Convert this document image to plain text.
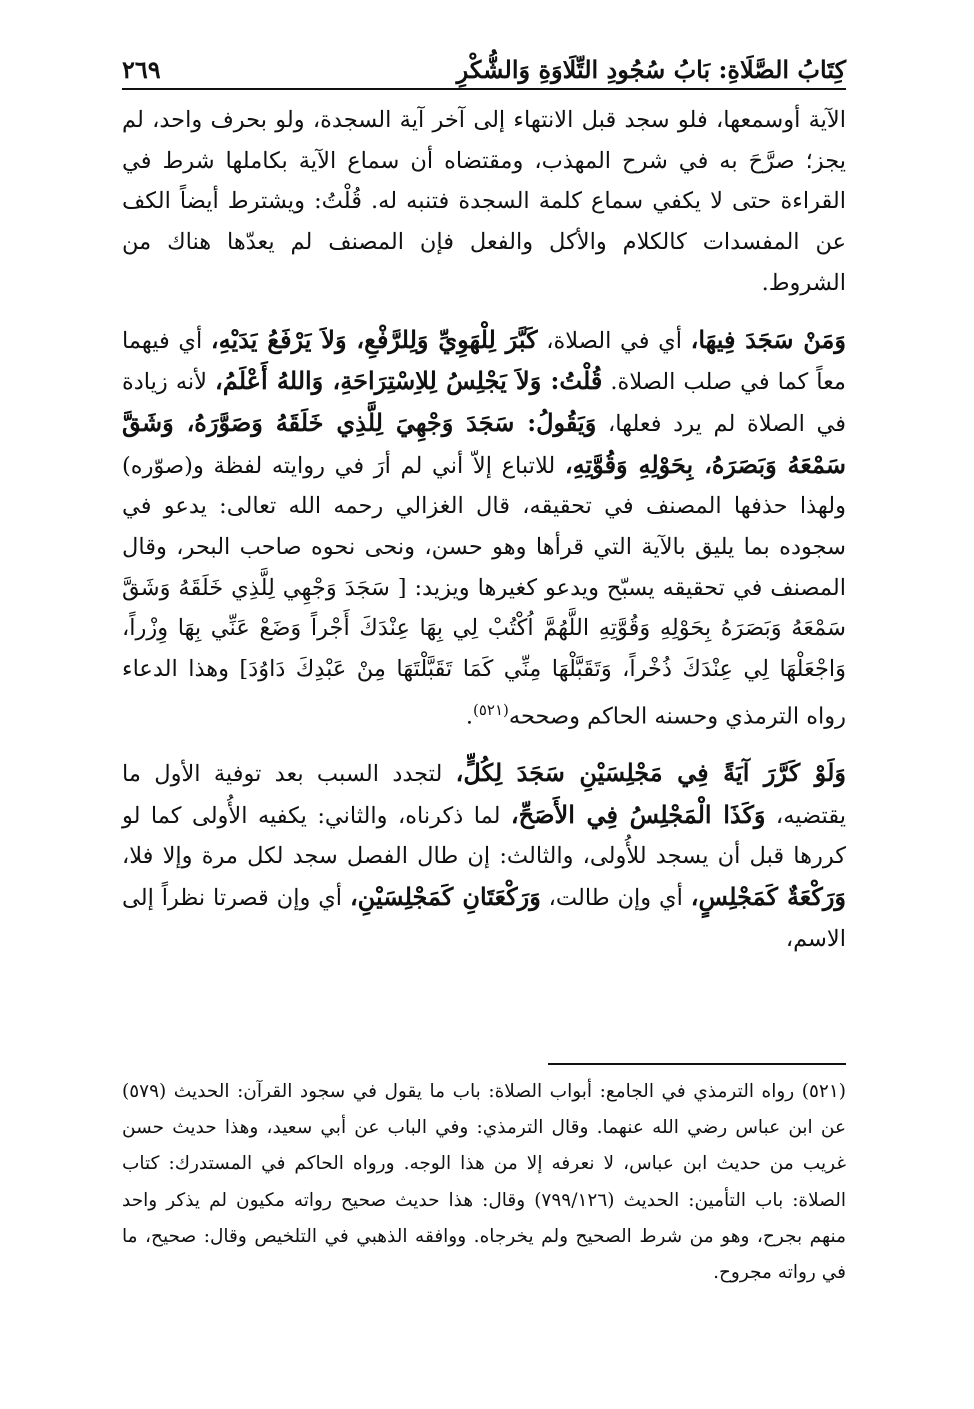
كِتَابُ الصَّلَاةِ: بَابُ سُجُودِ التِّلَاوَةِ وَالشُّكْرِ
٢٦٩

الآية أوسمعها، فلو سجد قبل الانتهاء إلى آخر آية السجدة، ولو بحرف واحد، لم يجز؛ صرَّحَ به في شرح المهذب، ومقتضاه أن سماع الآية بكاملها شرط في القراءة حتى لا يكفي سماع كلمة السجدة فتنبه له. قُلْتُ: ويشترط أيضاً الكف عن المفسدات كالكلام والأكل والفعل فإن المصنف لم يعدّها هناك من الشروط.

وَمَنْ سَجَدَ فِيهَا، أي في الصلاة، كَبَّرَ لِلْهَوِيِّ وَلِلرَّفْعِ، وَلاَ يَرْفَعُ يَدَيْهِ، أي فيهما معاً كما في صلب الصلاة. قُلْتُ: وَلاَ يَجْلِسُ لِلاِسْتِرَاحَةِ، وَاللهُ أَعْلَمُ، لأنه زيادة في الصلاة لم يرد فعلها، وَيَقُولُ: سَجَدَ وَجْهِيَ لِلَّذِي خَلَقَهُ وَصَوَّرَهُ، وَشَقَّ سَمْعَهُ وَبَصَرَهُ، بِحَوْلِهِ وَقُوَّتِهِ، للاتباع إلاّ أني لم أرَ في روايته لفظة و(صوّره) ولهذا حذفها المصنف في تحقيقه، قال الغزالي رحمه الله تعالى: يدعو في سجوده بما يليق بالآية التي قرأها وهو حسن، ونحى نحوه صاحب البحر، وقال المصنف في تحقيقه يسبّح ويدعو كغيرها ويزيد: [ سَجَدَ وَجْهِي لِلَّذِي خَلَقَهُ وَشَقَّ سَمْعَهُ وَبَصَرَهُ بِحَوْلِهِ وَقُوَّتِهِ اللَّهُمَّ اُكْتُبْ لِي بِهَا عِنْدَكَ أَجْراً وَضَعْ عَنِّي بِهَا وِزْراً، وَاجْعَلْهَا لِي عِنْدَكَ ذُخْراً، وَتَقَبَّلْهَا مِنِّي كَمَا تَقَبَّلْتَهَا مِنْ عَبْدِكَ دَاوُدَ] وهذا الدعاء رواه الترمذي وحسنه الحاكم وصححه$^{(٥٢١)}$.

وَلَوْ كَرَّرَ آيَةً فِي مَجْلِسَيْنِ سَجَدَ لِكُلٍّ، لتجدد السبب بعد توفية الأول ما يقتضيه، وَكَذَا الْمَجْلِسُ فِي الأَصَحِّ، لما ذكرناه، والثاني: يكفيه الأُولى كما لو كررها قبل أن يسجد للأُولى، والثالث: إن طال الفصل سجد لكل مرة وإلا فلا، وَرَكْعَةٌ كَمَجْلِسٍ، أي وإن طالت، وَرَكْعَتَانِ كَمَجْلِسَيْنِ، أي وإن قصرتا نظراً إلى الاسم،

(٥٢١) رواه الترمذي في الجامع: أبواب الصلاة: باب ما يقول في سجود القرآن: الحديث (٥٧٩) عن ابن عباس رضي الله عنهما. وقال الترمذي: وفي الباب عن أبي سعيد، وهذا حديث حسن غريب من حديث ابن عباس، لا نعرفه إلا من هذا الوجه. ورواه الحاكم في المستدرك: كتاب الصلاة: باب التأمين: الحديث (٧٩٩/١٢٦) وقال: هذا حديث صحيح رواته مكيون لم يذكر واحد منهم بجرح، وهو من شرط الصحيح ولم يخرجاه. ووافقه الذهبي في التلخيص وقال: صحيح، ما في رواته مجروح.
